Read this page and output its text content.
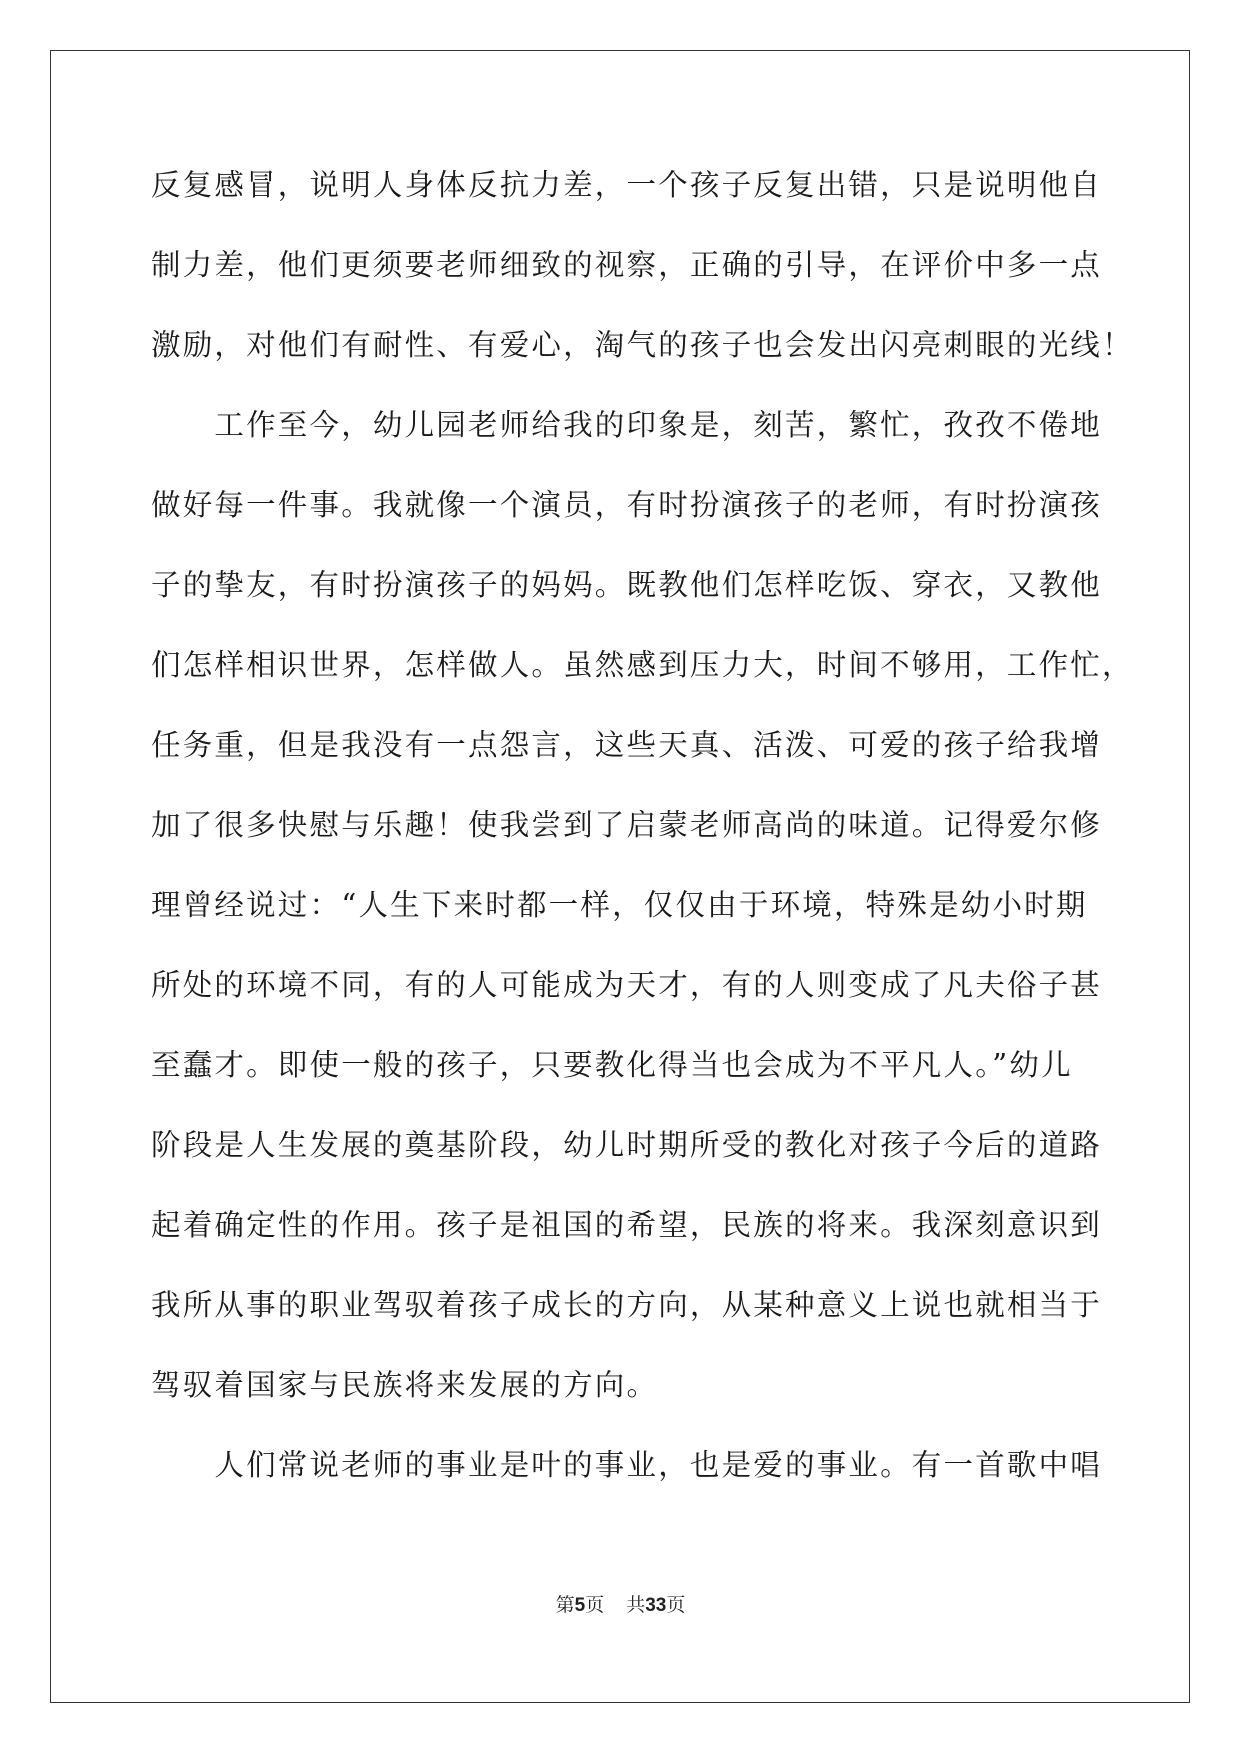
反复感冒，说明人身体反抗力差，一个孩子反复出错，只是说明他自

制力差，他们更须要老师细致的视察，正确的引导，在评价中多一点

激励，对他们有耐性、有爱心，淘气的孩子也会发出闪亮刺眼的光线！

　　工作至今，幼儿园老师给我的印象是，刻苦，繁忙，孜孜不倦地

做好每一件事。我就像一个演员，有时扮演孩子的老师，有时扮演孩

子的挚友，有时扮演孩子的妈妈。既教他们怎样吃饭、穿衣，又教他

们怎样相识世界，怎样做人。虽然感到压力大，时间不够用，工作忙，

任务重，但是我没有一点怨言，这些天真、活泼、可爱的孩子给我增

加了很多快慰与乐趣！使我尝到了启蒙老师高尚的味道。记得爱尔修

理曾经说过：“人生下来时都一样，仅仅由于环境，特殊是幼小时期

所处的环境不同，有的人可能成为天才，有的人则变成了凡夫俗子甚

至蠢才。即使一般的孩子，只要教化得当也会成为不平凡人。”幼儿

阶段是人生发展的奠基阶段，幼儿时期所受的教化对孩子今后的道路

起着确定性的作用。孩子是祖国的希望，民族的将来。我深刻意识到

我所从事的职业驾驭着孩子成长的方向，从某种意义上说也就相当于

驾驭着国家与民族将来发展的方向。

　　人们常说老师的事业是叶的事业，也是爱的事业。有一首歌中唱

第5页 共33页
